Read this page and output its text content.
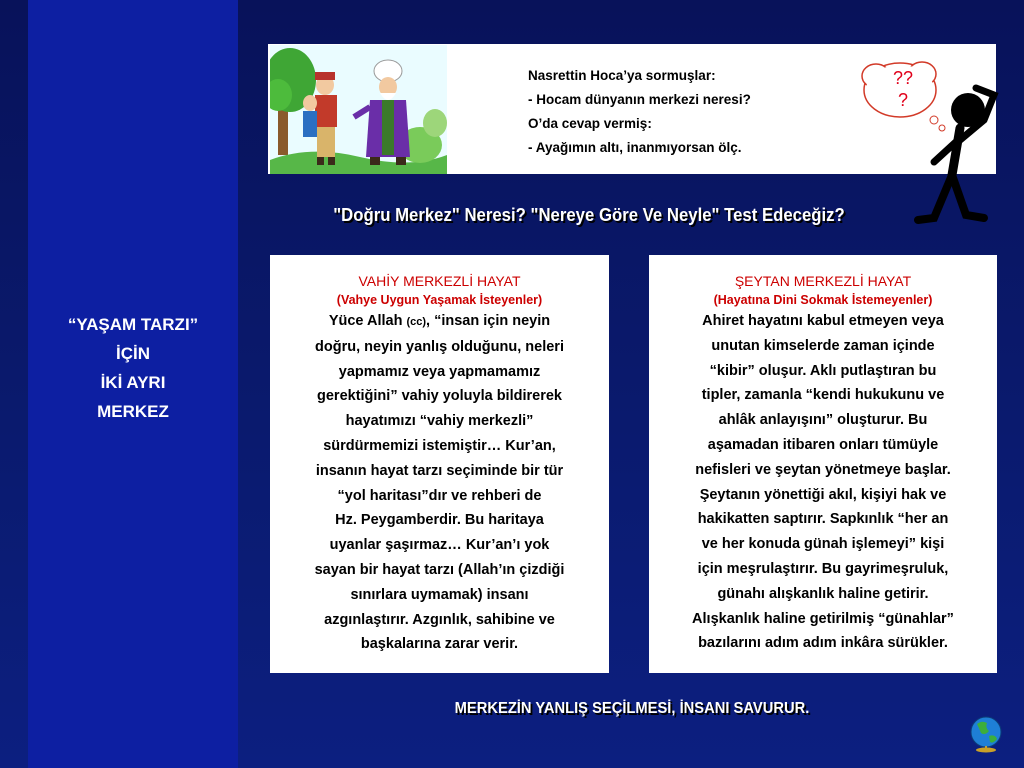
“YAŞAM TARZI”
İÇİN
İKİ AYRI
MERKEZ
Nasrettin Hoca’ya sormuşlar:
- Hocam dünyanın merkezi neresi?
O’da cevap vermiş:
- Ayağımın altı, inanmıyorsan ölç.
??
?
"Doğru Merkez" Neresi? "Nereye Göre Ve Neyle" Test Edeceğiz?
VAHİY MERKEZLİ HAYAT
(Vahye Uygun Yaşamak İsteyenler)
Yüce Allah (cc), “insan için neyin
doğru, neyin yanlış olduğunu, neleri
yapmamız veya yapmamamız
gerektiğini” vahiy yoluyla bildirerek
hayatımızı “vahiy merkezli”
sürdürmemizi istemiştir… Kur’an,
insanın hayat tarzı seçiminde bir tür
“yol haritası”dır ve rehberi de
Hz. Peygamberdir. Bu haritaya
uyanlar şaşırmaz… Kur’an’ı yok
sayan bir hayat tarzı (Allah’ın çizdiği
sınırlara uymamak) insanı
azgınlaştırır. Azgınlık, sahibine ve
başkalarına zarar verir.
ŞEYTAN MERKEZLİ HAYAT
(Hayatına Dini Sokmak İstemeyenler)
Ahiret hayatını kabul etmeyen veya
unutan kimselerde zaman içinde
“kibir” oluşur. Aklı putlaştıran bu
tipler, zamanla “kendi hukukunu ve
ahlâk anlayışını” oluşturur. Bu
aşamadan itibaren onları tümüyle
nefisleri ve şeytan yönetmeye başlar.
Şeytanın yönettiği akıl, kişiyi hak ve
hakikatten saptırır. Sapkınlık “her an
ve her konuda günah işlemeyi” kişi
için meşrulaştırır. Bu gayrimeşruluk,
günahı alışkanlık haline getirir.
Alışkanlık haline getirilmiş “günahlar”
bazılarını adım adım inkâra sürükler.
MERKEZİN YANLIŞ SEÇİLMESİ, İNSANI SAVURUR.
